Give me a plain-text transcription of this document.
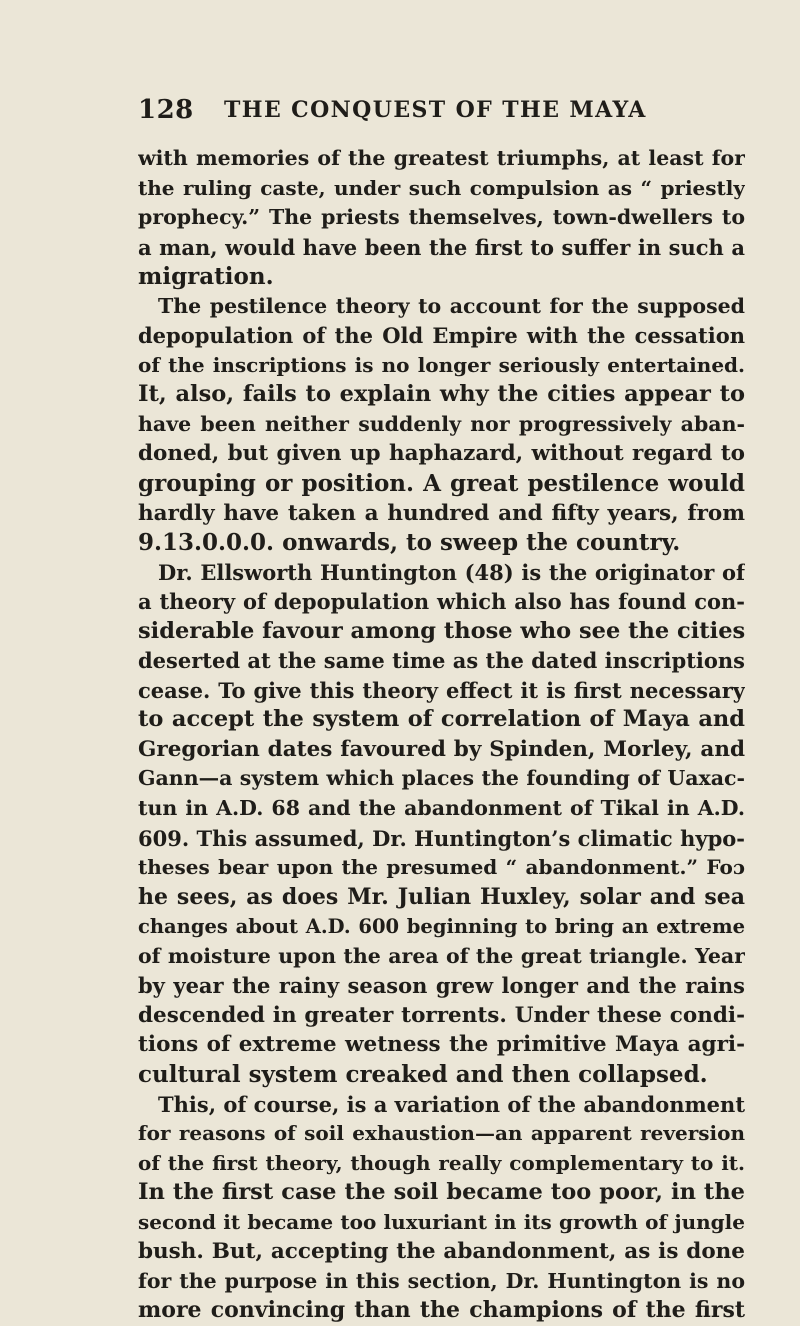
128 THE CONQUEST OF THE MAYA
with memories of the greatest triumphs, at least for
the ruling caste, under such compulsion as “ priestly
prophecy.” The priests themselves, town-dwellers to
a man, would have been the first to suffer in such a
migration.
The pestilence theory to account for the supposed
depopulation of the Old Empire with the cessation
of the inscriptions is no longer seriously entertained.
It, also, fails to explain why the cities appear to
have been neither suddenly nor progressively aban-
doned, but given up haphazard, without regard to
grouping or position. A great pestilence would
hardly have taken a hundred and fifty years, from
9.13.0.0.0. onwards, to sweep the country.
Dr. Ellsworth Huntington (48) is the originator of
a theory of depopulation which also has found con-
siderable favour among those who see the cities
deserted at the same time as the dated inscriptions
cease. To give this theory effect it is first necessary
to accept the system of correlation of Maya and
Gregorian dates favoured by Spinden, Morley, and
Gann—a system which places the founding of Uaxac-
tun in A.D. 68 and the abandonment of Tikal in A.D.
609. This assumed, Dr. Huntington’s climatic hypo-
theses bear upon the presumed “ abandonment.” Foɔ
he sees, as does Mr. Julian Huxley, solar and sea
changes about A.D. 600 beginning to bring an extreme
of moisture upon the area of the great triangle. Year
by year the rainy season grew longer and the rains
descended in greater torrents. Under these condi-
tions of extreme wetness the primitive Maya agri-
cultural system creaked and then collapsed.
This, of course, is a variation of the abandonment
for reasons of soil exhaustion—an apparent reversion
of the first theory, though really complementary to it.
In the first case the soil became too poor, in the
second it became too luxuriant in its growth of jungle
bush. But, accepting the abandonment, as is done
for the purpose in this section, Dr. Huntington is no
more convincing than the champions of the first
